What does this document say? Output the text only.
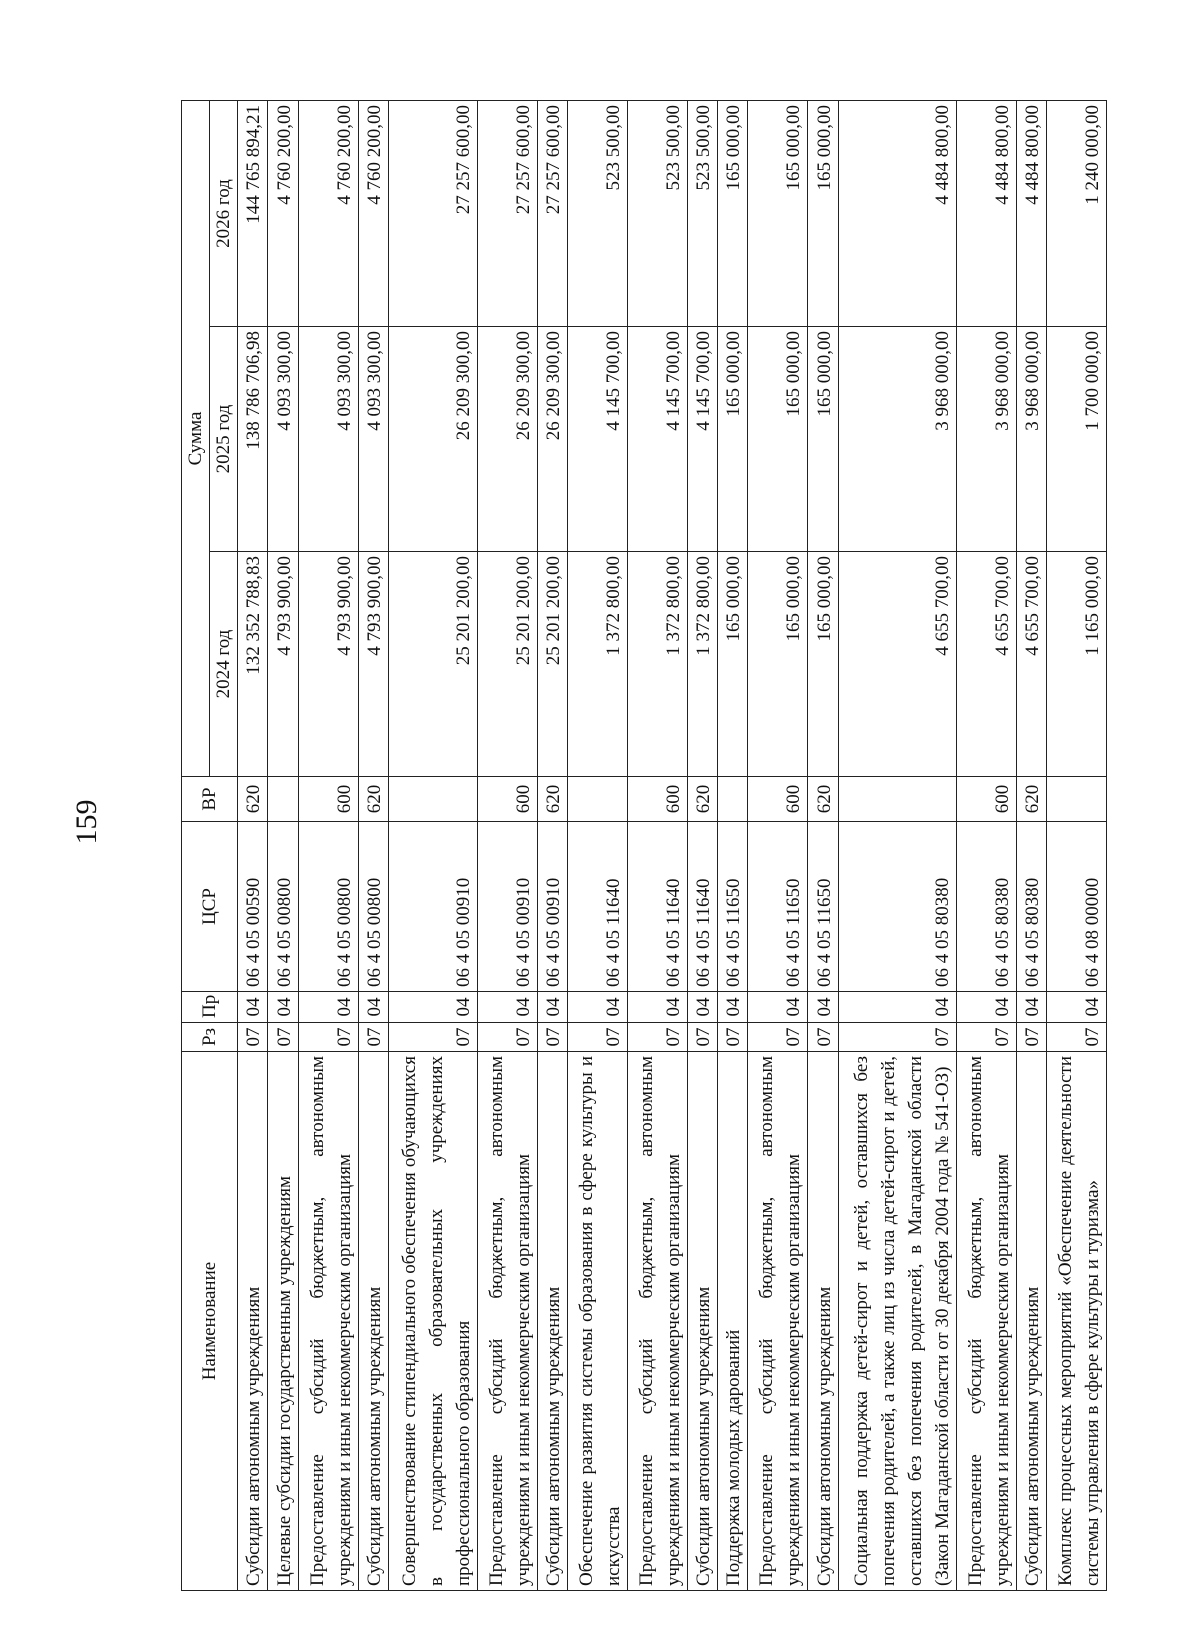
159
Наименование	Рз	Пр	ЦСР	ВР	Сумма		
					2024 год	2025 год	2026 год
Субсидии автономным учреждениям	07	04	06 4 05 00590	620	132 352 788,83	138 786 706,98	144 765 894,21
Целевые субсидии государственным учреждениям	07	04	06 4 05 00800		4 793 900,00	4 093 300,00	4 760 200,00
Предоставление субсидий бюджетным, автономным учреждениям и иным некоммерческим организациям	07	04	06 4 05 00800	600	4 793 900,00	4 093 300,00	4 760 200,00
Субсидии автономным учреждениям	07	04	06 4 05 00800	620	4 793 900,00	4 093 300,00	4 760 200,00
Совершенствование стипендиального обеспечения обучающихся в государственных образовательных учреждениях профессионального образования	07	04	06 4 05 00910		25 201 200,00	26 209 300,00	27 257 600,00
Предоставление субсидий бюджетным, автономным учреждениям и иным некоммерческим организациям	07	04	06 4 05 00910	600	25 201 200,00	26 209 300,00	27 257 600,00
Субсидии автономным учреждениям	07	04	06 4 05 00910	620	25 201 200,00	26 209 300,00	27 257 600,00
Обеспечение развития системы образования в сфере культуры и искусства	07	04	06 4 05 11640		1 372 800,00	4 145 700,00	523 500,00
Предоставление субсидий бюджетным, автономным учреждениям и иным некоммерческим организациям	07	04	06 4 05 11640	600	1 372 800,00	4 145 700,00	523 500,00
Субсидии автономным учреждениям	07	04	06 4 05 11640	620	1 372 800,00	4 145 700,00	523 500,00
Поддержка молодых дарований	07	04	06 4 05 11650		165 000,00	165 000,00	165 000,00
Предоставление субсидий бюджетным, автономным учреждениям и иным некоммерческим организациям	07	04	06 4 05 11650	600	165 000,00	165 000,00	165 000,00
Субсидии автономным учреждениям	07	04	06 4 05 11650	620	165 000,00	165 000,00	165 000,00
Социальная поддержка детей-сирот и детей, оставшихся без попечения родителей, а также лиц из числа детей-сирот и детей, оставшихся без попечения родителей, в Магаданской области (Закон Магаданской области от 30 декабря 2004 года № 541-ОЗ)	07	04	06 4 05 80380		4 655 700,00	3 968 000,00	4 484 800,00
Предоставление субсидий бюджетным, автономным учреждениям и иным некоммерческим организациям	07	04	06 4 05 80380	600	4 655 700,00	3 968 000,00	4 484 800,00
Субсидии автономным учреждениям	07	04	06 4 05 80380	620	4 655 700,00	3 968 000,00	4 484 800,00
Комплекс процессных мероприятий «Обеспечение деятельности системы управления в сфере культуры и туризма»	07	04	06 4 08 00000		1 165 000,00	1 700 000,00	1 240 000,00
